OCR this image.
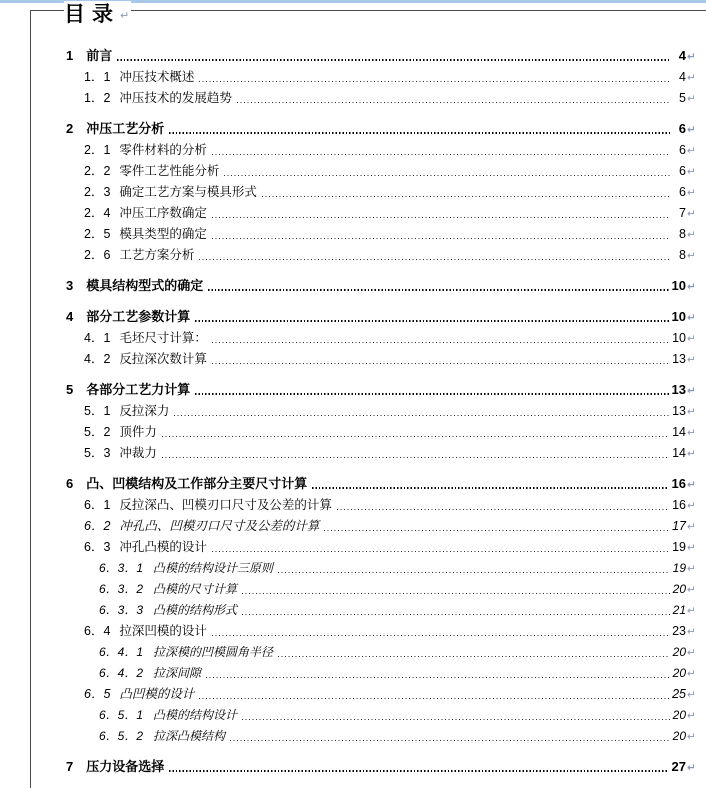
目录↵
1 前言	4 ↵
1．1 冲压技术概述	4 ↵
1．2 冲压技术的发展趋势	5 ↵
2 冲压工艺分析	6 ↵
2．1 零件材料的分析	6 ↵
2．2 零件工艺性能分析	6 ↵
2．3 确定工艺方案与模具形式	6 ↵
2．4 冲压工序数确定	7 ↵
2．5 模具类型的确定	8 ↵
2．6 工艺方案分析	8 ↵
3 模具结构型式的确定	10 ↵
4 部分工艺参数计算	10 ↵
4．1 毛坯尺寸计算：	10 ↵
4．2 反拉深次数计算	13 ↵
5 各部分工艺力计算	13 ↵
5．1 反拉深力	13 ↵
5．2 顶件力	14 ↵
5．3 冲裁力	14 ↵
6 凸、凹模结构及工作部分主要尺寸计算	16 ↵
6．1 反拉深凸、凹模刃口尺寸及公差的计算	16 ↵
6．2 冲孔凸、凹模刃口尺寸及公差的计算	17 ↵
6．3 冲孔凸模的设计	19 ↵
6．3．1 凸模的结构设计三原则	19 ↵
6．3．2 凸模的尺寸计算	20 ↵
6．3．3 凸模的结构形式	21 ↵
6．4 拉深凹模的设计	23 ↵
6．4．1 拉深模的凹模圆角半径	20 ↵
6．4．2 拉深间隙	20 ↵
6．5 凸凹模的设计	25 ↵
6．5．1 凸模的结构设计	20 ↵
6．5．2 拉深凸模结构	20 ↵
7 压力设备选择	27 ↵
